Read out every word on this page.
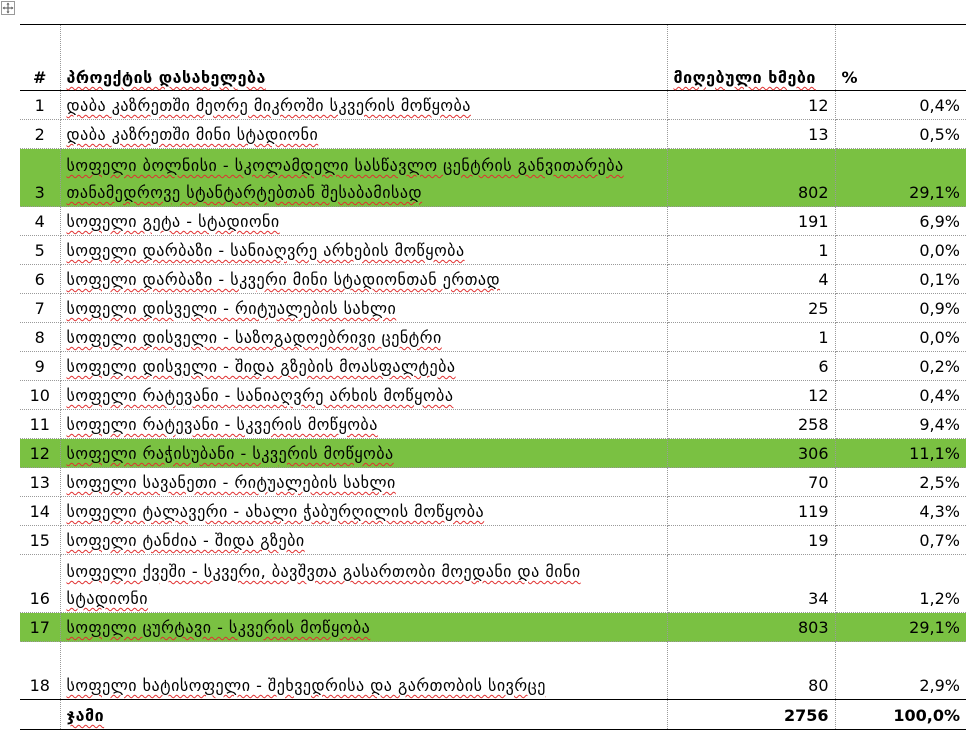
#	პროექტის დასახელება	მიღებული ხმები	%
1	დაბა კაზრეთში მეორე მიკროში სკვერის მოწყობა	12	0,4%
2	დაბა კაზრეთში მინი სტადიონი	13	0,5%
3	სოფელი ბოლნისი - სკოლამდელი სასწავლო ცენტრის განვითარება თანამედროვე სტანტარტებთან შესაბამისად	802	29,1%
4	სოფელი გეტა - სტადიონი	191	6,9%
5	სოფელი დარბაზი - სანიაღვრე არხების მოწყობა	1	0,0%
6	სოფელი დარბაზი - სკვერი მინი სტადიონთან ერთად	4	0,1%
7	სოფელი დისველი - რიტუალების სახლი	25	0,9%
8	სოფელი დისველი - საზოგადოებრივი ცენტრი	1	0,0%
9	სოფელი დისველი - შიდა გზების მოასფალტება	6	0,2%
10	სოფელი რატევანი - სანიაღვრე არხის მოწყობა	12	0,4%
11	სოფელი რატევანი - სკვერის მოწყობა	258	9,4%
12	სოფელი რაჭისუბანი - სკვერის მოწყობა	306	11,1%
13	სოფელი სავანეთი - რიტუალების სახლი	70	2,5%
14	სოფელი ტალავერი - ახალი ჭაბურღილის მოწყობა	119	4,3%
15	სოფელი ტანძია - შიდა გზები	19	0,7%
16	სოფელი ქვეში - სკვერი, ბავშვთა გასართობი მოედანი და მინი სტადიონი	34	1,2%
17	სოფელი ცურტავი - სკვერის მოწყობა	803	29,1%
18	სოფელი ხატისოფელი - შეხვედრისა და გართობის სივრცე	80	2,9%
	ჯამი	2756	100,0%
